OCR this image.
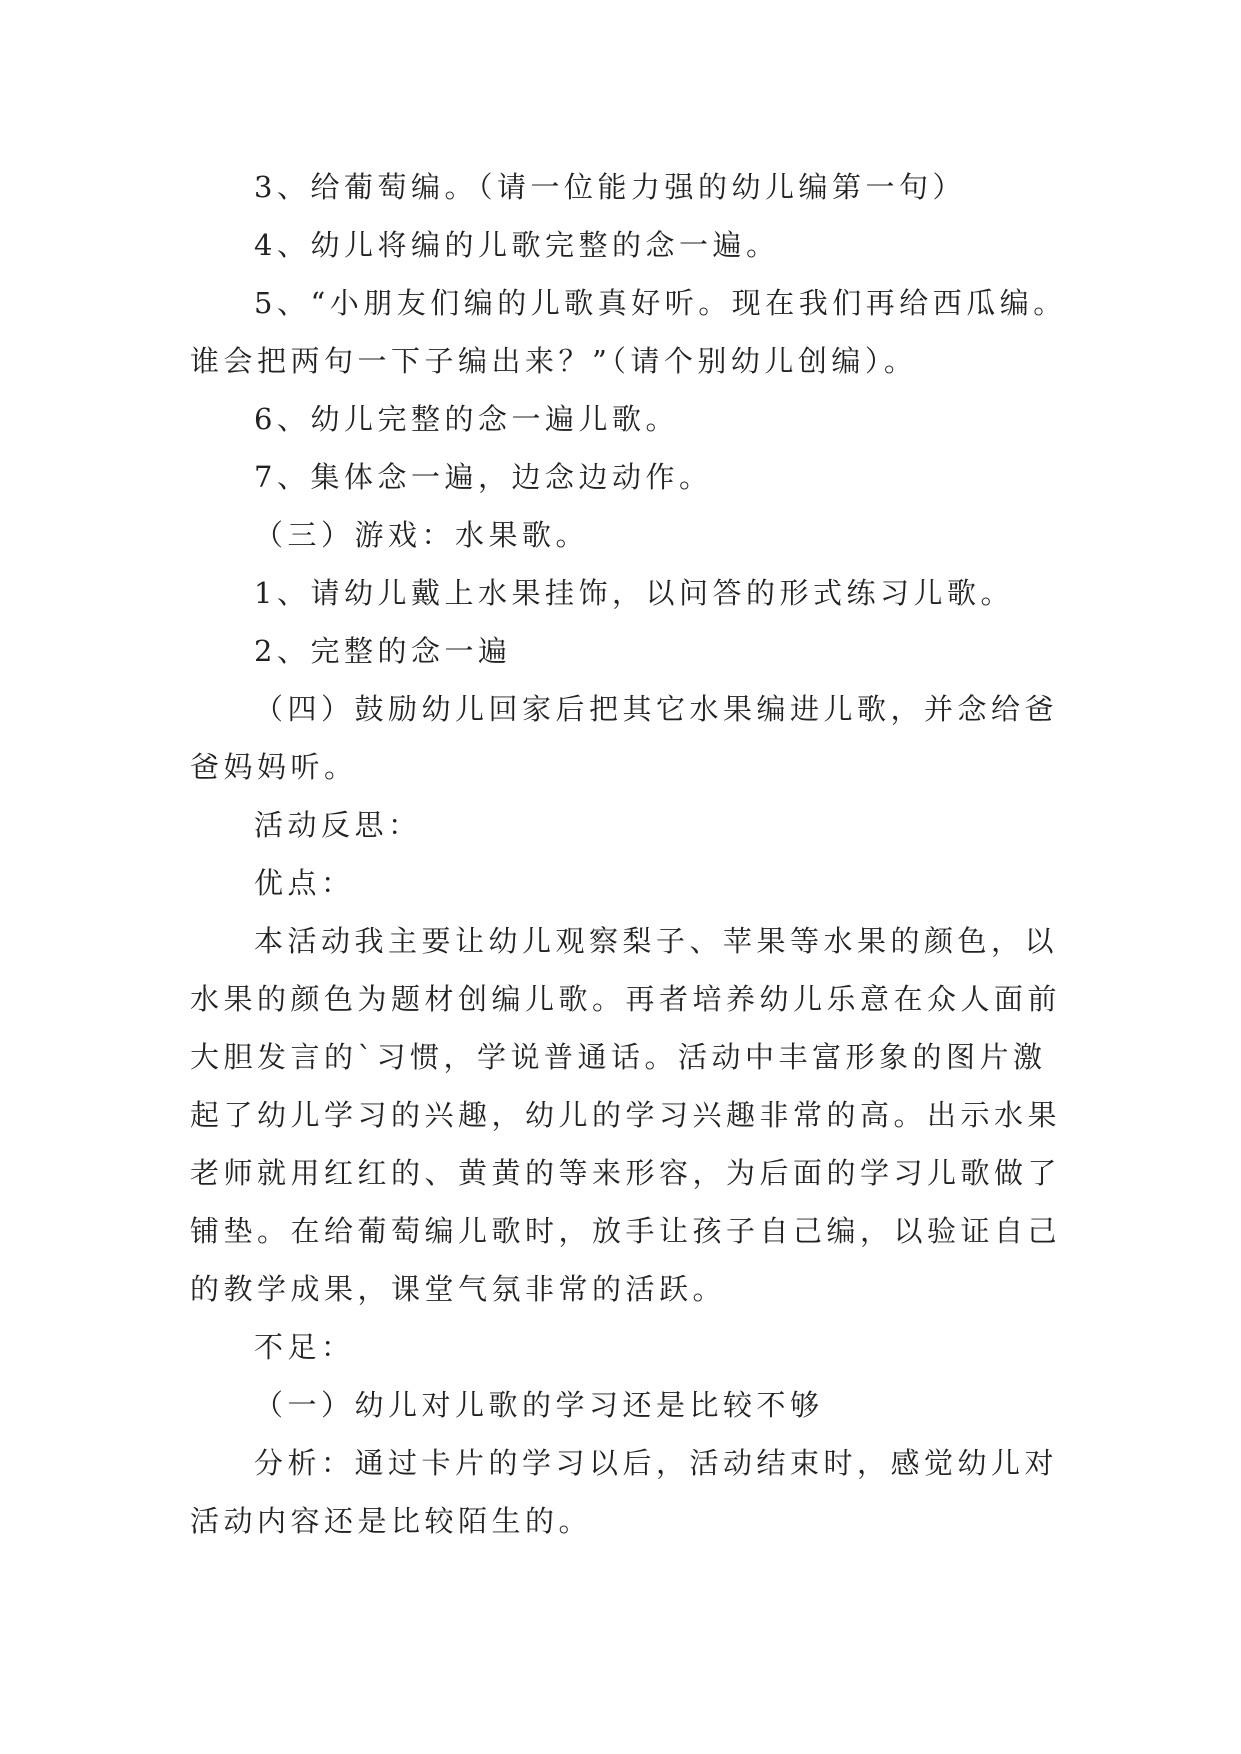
3、给葡萄编。（请一位能力强的幼儿编第一句）
4、幼儿将编的儿歌完整的念一遍。
5、“小朋友们编的儿歌真好听。现在我们再给西瓜编。
谁会把两句一下子编出来？”（请个别幼儿创编）。
6、幼儿完整的念一遍儿歌。
7、集体念一遍，边念边动作。
（三）游戏：水果歌。
1、请幼儿戴上水果挂饰，以问答的形式练习儿歌。
2、完整的念一遍
（四）鼓励幼儿回家后把其它水果编进儿歌，并念给爸
爸妈妈听。
活动反思：
优点：
本活动我主要让幼儿观察梨子、苹果等水果的颜色，以
水果的颜色为题材创编儿歌。再者培养幼儿乐意在众人面前
大胆发言的`习惯，学说普通话。活动中丰富形象的图片激
起了幼儿学习的兴趣，幼儿的学习兴趣非常的高。出示水果
老师就用红红的、黄黄的等来形容，为后面的学习儿歌做了
铺垫。在给葡萄编儿歌时，放手让孩子自己编，以验证自己
的教学成果，课堂气氛非常的活跃。
不足：
（一）幼儿对儿歌的学习还是比较不够
分析：通过卡片的学习以后，活动结束时，感觉幼儿对
活动内容还是比较陌生的。
